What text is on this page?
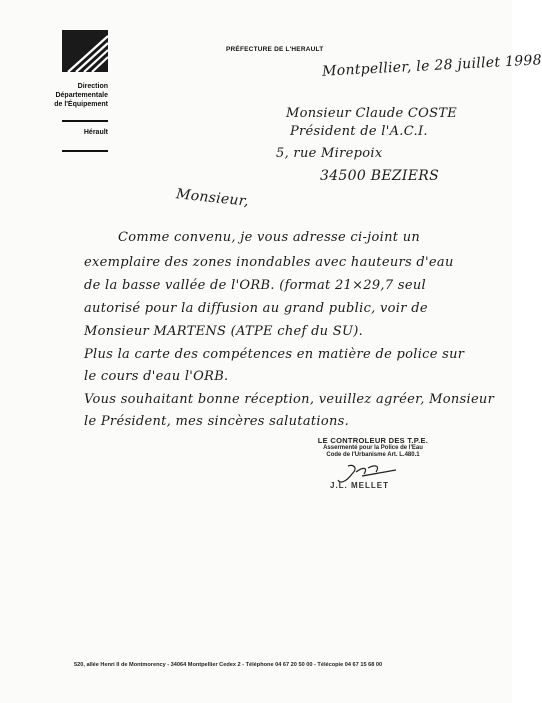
Direction
Départementale
de l'Équipement
Hérault
PRÉFECTURE DE L'HERAULT
Montpellier, le 28 juillet 1998
Monsieur Claude COSTE
Président de l'A.C.I.
5, rue Mirepoix
34500 BEZIERS
Monsieur,
Comme convenu, je vous adresse ci-joint un
exemplaire des zones inondables avec hauteurs d'eau
de la basse vallée de l'ORB. (format 21×29,7 seul
autorisé pour la diffusion au grand public, voir de
Monsieur MARTENS (ATPE chef du SU).
Plus la carte des compétences en matière de police sur
le cours d'eau l'ORB.
Vous souhaitant bonne réception, veuillez agréer, Monsieur
le Président, mes sincères salutations.
LE CONTROLEUR DES T.P.E.
Assermenté pour la Police de l'Eau
Code de l'Urbanisme Art. L.480.1
J.L. MELLET
520, allée Henri II de Montmorency - 34064 Montpellier Cedex 2 - Téléphone 04 67 20 50 00 - Télécopie 04 67 15 68 00
